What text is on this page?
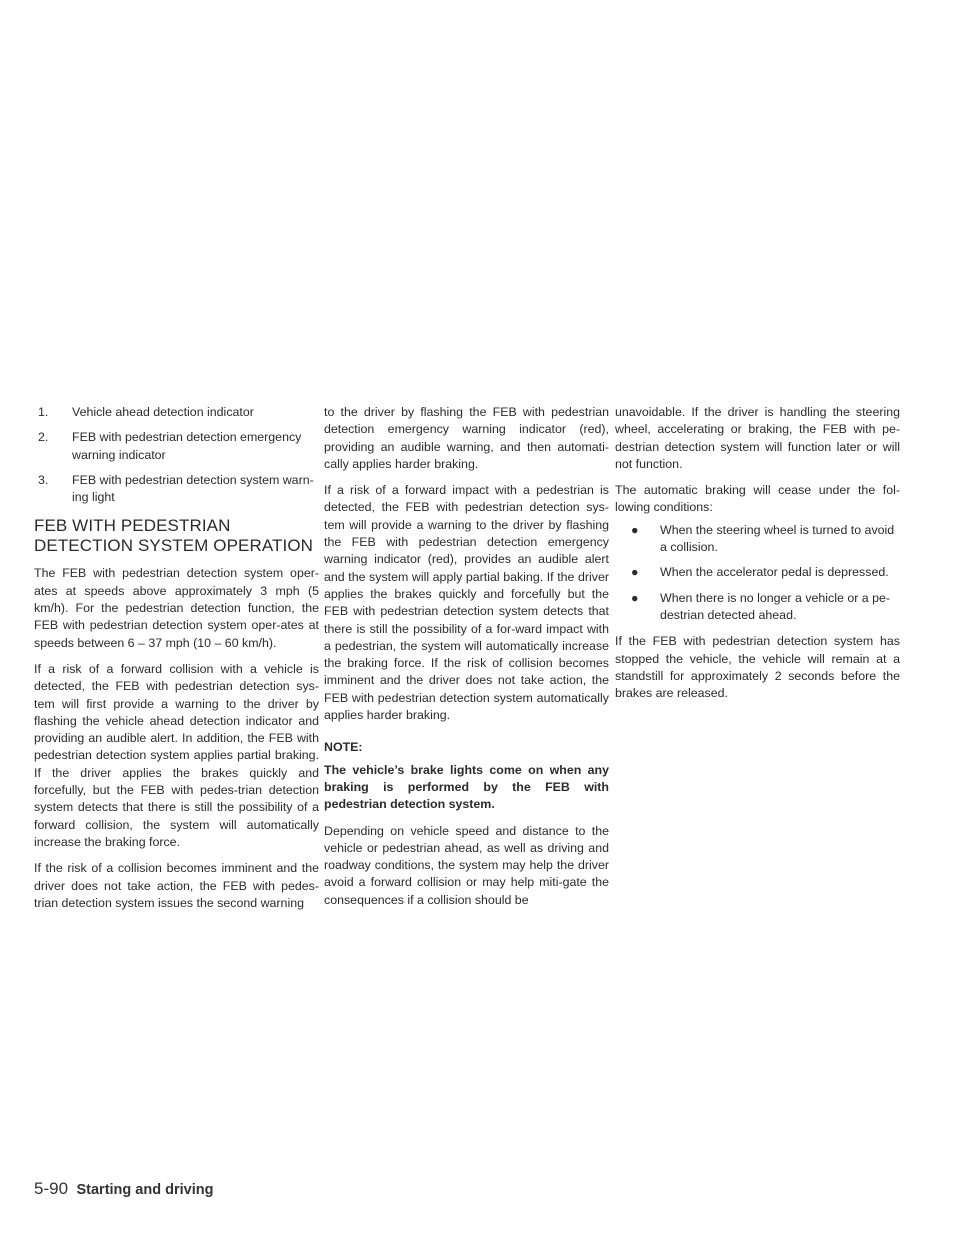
1. Vehicle ahead detection indicator
2. FEB with pedestrian detection emergency warning indicator
3. FEB with pedestrian detection system warn-ing light
FEB WITH PEDESTRIAN
DETECTION SYSTEM OPERATION

The FEB with pedestrian detection system oper-ates at speeds above approximately 3 mph (5 km/h). For the pedestrian detection function, the FEB with pedestrian detection system oper-ates at speeds between 6 – 37 mph (10 – 60 km/h).

If a risk of a forward collision with a vehicle is detected, the FEB with pedestrian detection sys-tem will first provide a warning to the driver by flashing the vehicle ahead detection indicator and providing an audible alert. In addition, the FEB with pedestrian detection system applies partial braking. If the driver applies the brakes quickly and forcefully, but the FEB with pedes-trian detection system detects that there is still the possibility of a forward collision, the system will automatically increase the braking force.

If the risk of a collision becomes imminent and the driver does not take action, the FEB with pedes-trian detection system issues the second warning

to the driver by flashing the FEB with pedestrian detection emergency warning indicator (red), providing an audible warning, and then automati-cally applies harder braking.

If a risk of a forward impact with a pedestrian is detected, the FEB with pedestrian detection sys-tem will provide a warning to the driver by flashing the FEB with pedestrian detection emergency warning indicator (red), provides an audible alert and the system will apply partial baking. If the driver applies the brakes quickly and forcefully but the FEB with pedestrian detection system detects that there is still the possibility of a for-ward impact with a pedestrian, the system will automatically increase the braking force. If the risk of collision becomes imminent and the driver does not take action, the FEB with pedestrian detection system automatically applies harder braking.

NOTE:

The vehicle’s brake lights come on when any braking is performed by the FEB with pedestrian detection system.

Depending on vehicle speed and distance to the vehicle or pedestrian ahead, as well as driving and roadway conditions, the system may help the driver avoid a forward collision or may help miti-gate the consequences if a collision should be

unavoidable. If the driver is handling the steering wheel, accelerating or braking, the FEB with pe-destrian detection system will function later or will not function.

The automatic braking will cease under the fol-lowing conditions:

● When the steering wheel is turned to avoid a collision.
● When the accelerator pedal is depressed.
● When there is no longer a vehicle or a pe-destrian detected ahead.

If the FEB with pedestrian detection system has stopped the vehicle, the vehicle will remain at a standstill for approximately 2 seconds before the brakes are released.

5-90 Starting and driving
